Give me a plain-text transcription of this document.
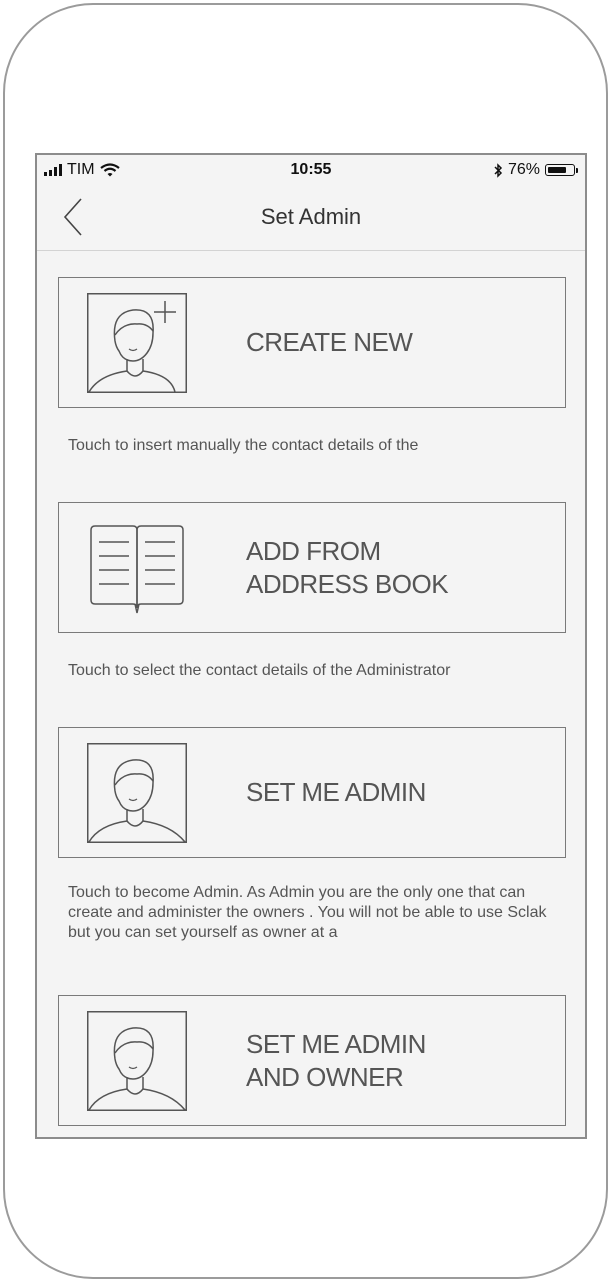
TIM	10:55	76%
Set Admin
CREATE NEW
Touch to insert manually the contact details of the
ADD FROM
ADDRESS BOOK
Touch to select the contact details of the Administrator
SET ME ADMIN
Touch to become Admin. As Admin you are the only one that can create and administer the owners . You will not be able to use Sclak but you can set yourself as owner at a
SET ME ADMIN
AND OWNER
